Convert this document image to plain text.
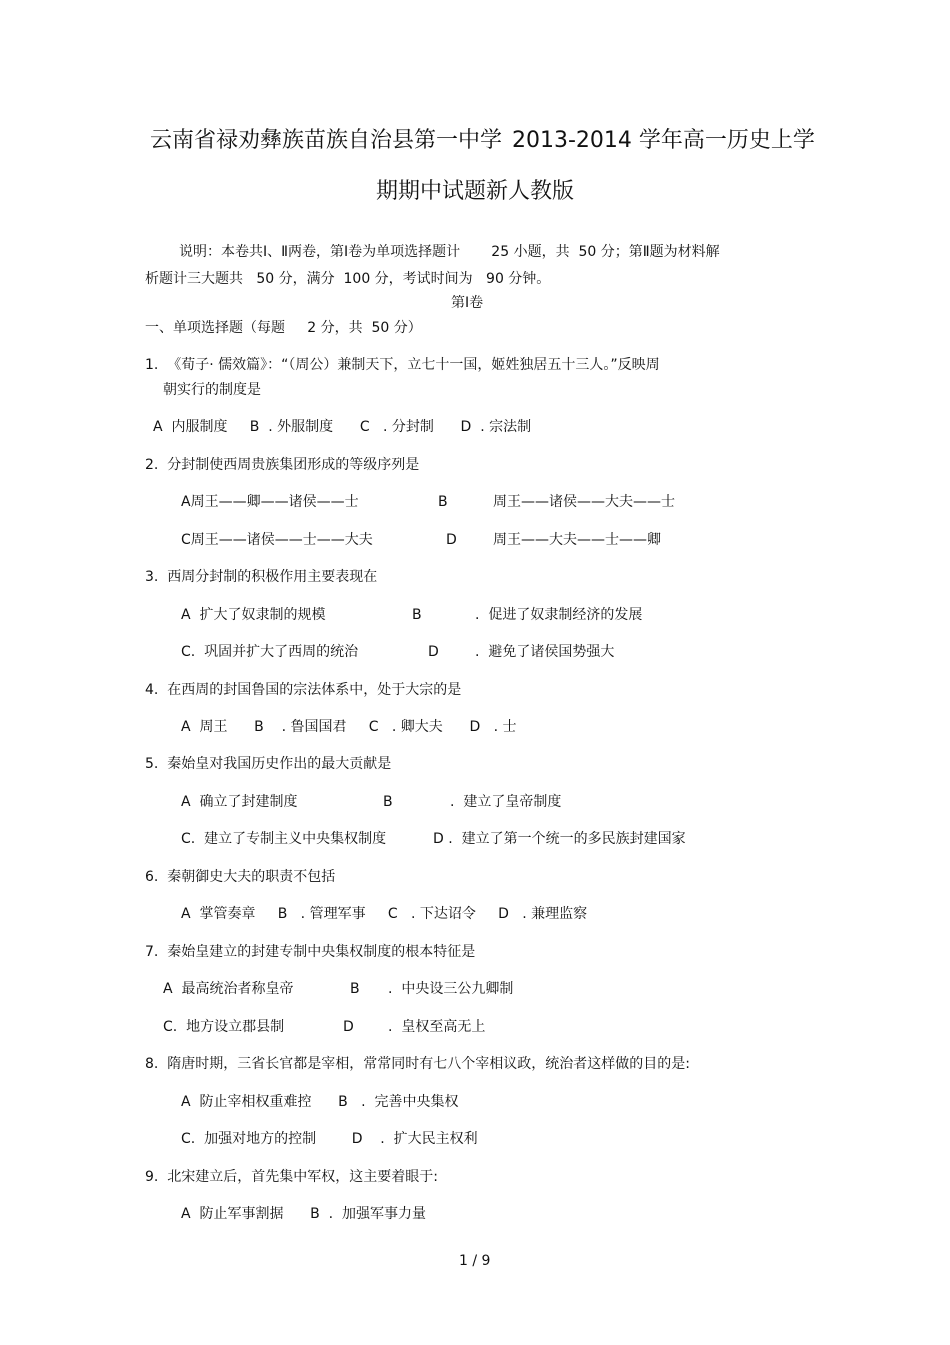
云南省禄劝彝族苗族自治县第一中学 2013-2014 学年高一历史上学
期期中试题新人教版
说明：本卷共Ⅰ、Ⅱ两卷，第Ⅰ卷为单项选择题计       25 小题，共  50 分；第Ⅱ题为材料解
析题计三大题共   50 分，满分  100 分，考试时间为   90 分钟。
第Ⅰ卷
一、单项选择题（每题     2 分，共  50 分）
1.  《荀子· 儒效篇》：“（周公）兼制天下，立七十一国，姬姓独居五十三人。”反映周
朝实行的制度是
A  内服制度     B  . 外服制度      C   . 分封制      D  . 宗法制
2.  分封制使西周贵族集团形成的等级序列是
A周王——卿——诸侯——士	B	周王——诸侯——大夫——士
C周王——诸侯——士——大夫	D	周王——大夫——士——卿
3.  西周分封制的积极作用主要表现在
A  扩大了奴隶制的规模	B	.  促进了奴隶制经济的发展
C.  巩固并扩大了西周的统治	D	.  避免了诸侯国势强大
4.  在西周的封国鲁国的宗法体系中，处于大宗的是
A  周王      B    . 鲁国国君     C   . 卿大夫      D   . 士
5.  秦始皇对我国历史作出的最大贡献是
A  确立了封建制度	B	.  建立了皇帝制度
C.  建立了专制主义中央集权制度	D .  建立了第一个统一的多民族封建国家
6.  秦朝御史大夫的职责不包括
A  掌管奏章     B   . 管理军事     C   . 下达诏令     D   . 兼理监察
7.  秦始皇建立的封建专制中央集权制度的根本特征是
A  最高统治者称皇帝	B .  中央设三公九卿制
C.  地方设立郡县制	D .  皇权至高无上
8.  隋唐时期，三省长官都是宰相，常常同时有七八个宰相议政，统治者这样做的目的是:
A  防止宰相权重难控      B   .  完善中央集权
C.  加强对地方的控制        D    .  扩大民主权利
9.  北宋建立后，首先集中军权，这主要着眼于:
A  防止军事割据      B  .  加强军事力量
1 / 9
